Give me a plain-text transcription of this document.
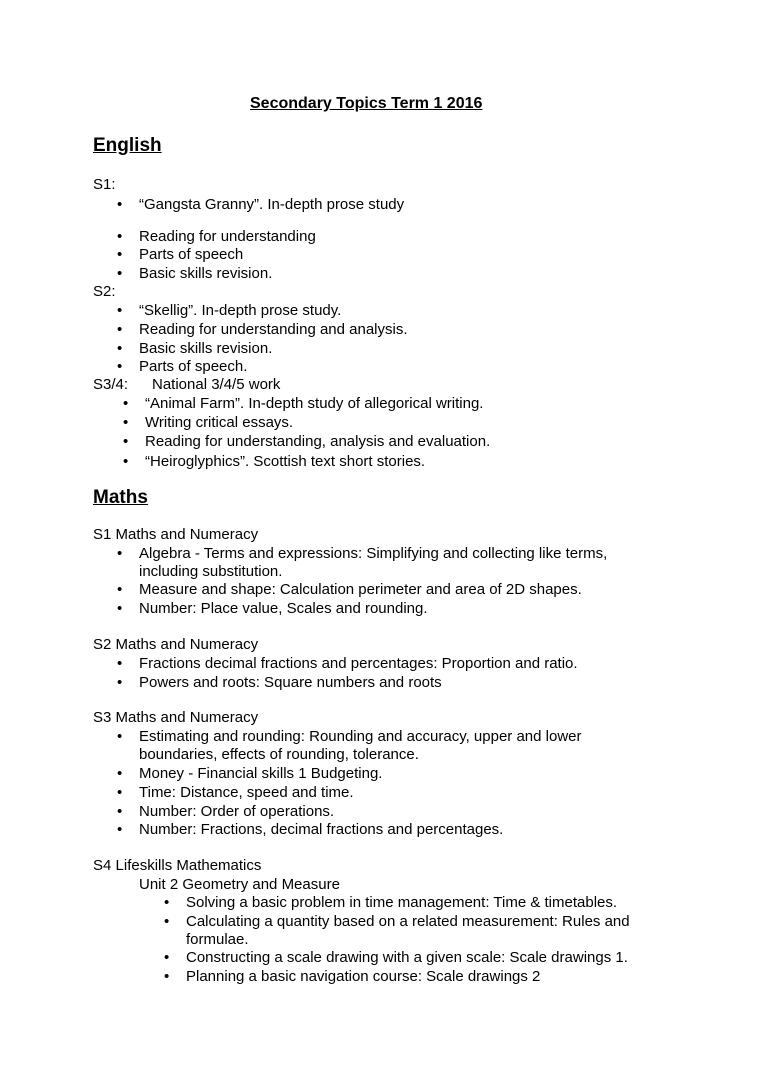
Secondary Topics Term 1 2016
English
S1:
• “Gangsta Granny”. In-depth prose study
• Reading for understanding
• Parts of speech
• Basic skills revision.
S2:
• “Skellig”. In-depth prose study.
• Reading for understanding and analysis.
• Basic skills revision.
• Parts of speech.
S3/4: National 3/4/5 work
• “Animal Farm”. In-depth study of allegorical writing.
• Writing critical essays.
• Reading for understanding, analysis and evaluation.
• “Heiroglyphics”. Scottish text short stories.
Maths
S1 Maths and Numeracy
• Algebra - Terms and expressions: Simplifying and collecting like terms,
including substitution.
• Measure and shape: Calculation perimeter and area of 2D shapes.
• Number: Place value, Scales and rounding.
S2 Maths and Numeracy
• Fractions decimal fractions and percentages: Proportion and ratio.
• Powers and roots: Square numbers and roots
S3 Maths and Numeracy
• Estimating and rounding: Rounding and accuracy, upper and lower
boundaries, effects of rounding, tolerance.
• Money - Financial skills 1 Budgeting.
• Time: Distance, speed and time.
• Number: Order of operations.
• Number: Fractions, decimal fractions and percentages.
S4 Lifeskills Mathematics
Unit 2 Geometry and Measure
• Solving a basic problem in time management: Time & timetables.
• Calculating a quantity based on a related measurement: Rules and
formulae.
• Constructing a scale drawing with a given scale: Scale drawings 1.
• Planning a basic navigation course: Scale drawings 2
